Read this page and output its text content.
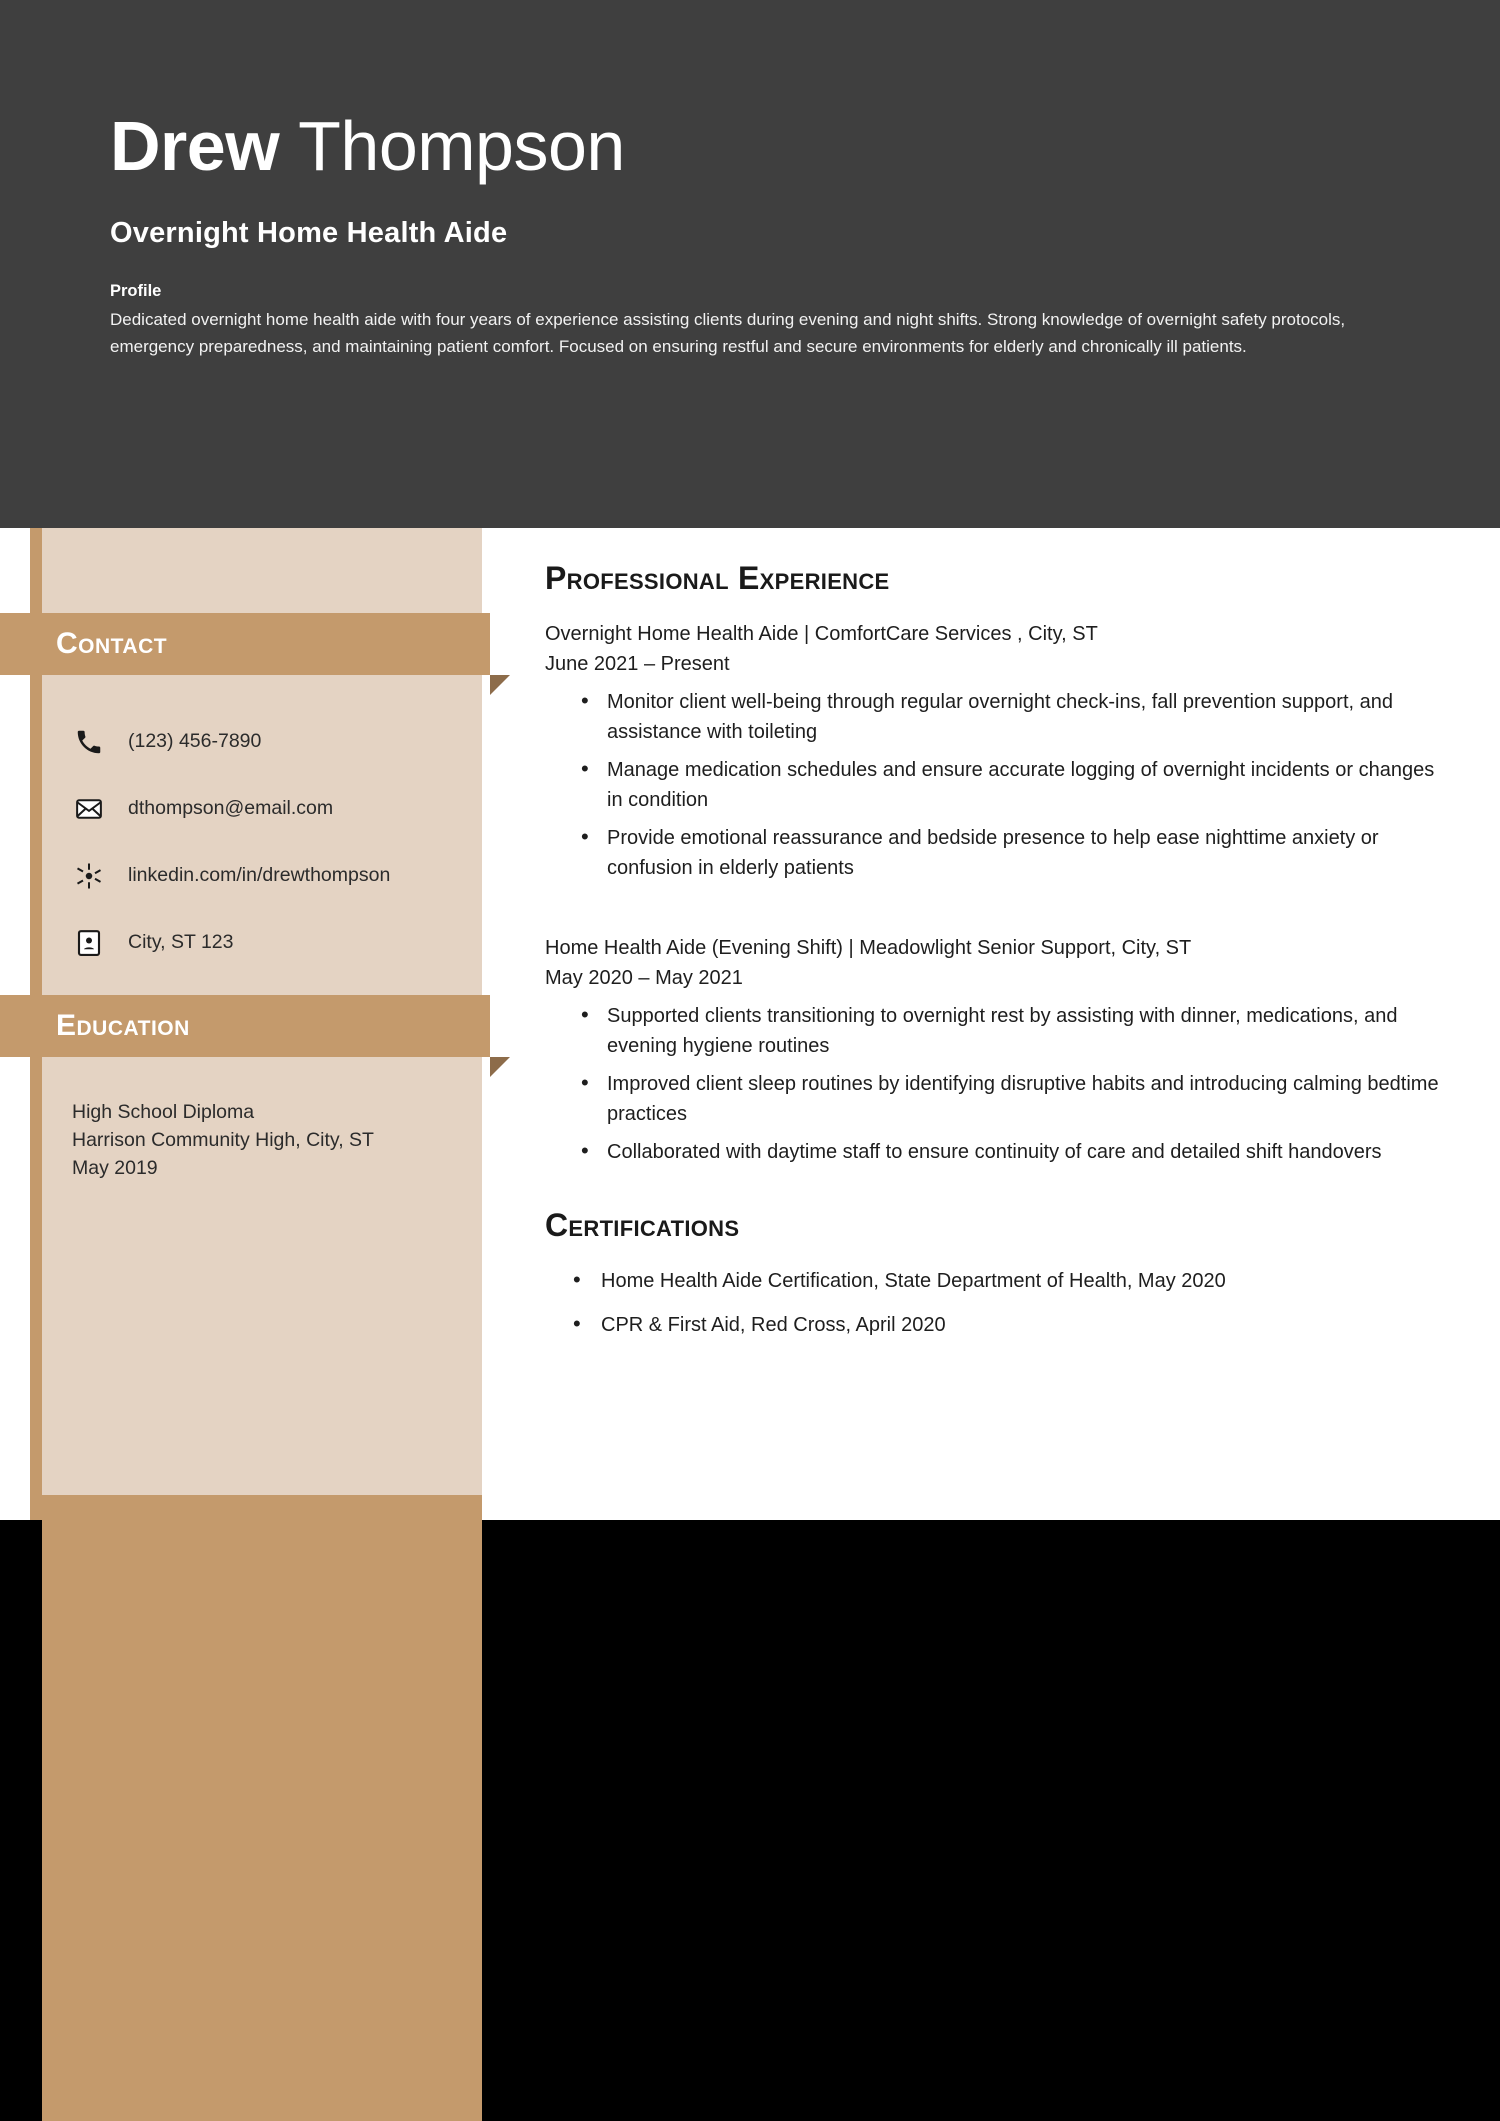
Drew Thompson
Overnight Home Health Aide
Profile
Dedicated overnight home health aide with four years of experience assisting clients during evening and night shifts. Strong knowledge of overnight safety protocols, emergency preparedness, and maintaining patient comfort. Focused on ensuring restful and secure environments for elderly and chronically ill patients.
Contact
(123) 456-7890
dthompson@email.com
linkedin.com/in/drewthompson
City, ST 123
Education
High School Diploma
Harrison Community High, City, ST
May 2019
Professional Experience
Overnight Home Health Aide | ComfortCare Services , City, ST
June 2021 – Present
• Monitor client well-being through regular overnight check-ins, fall prevention support, and assistance with toileting
• Manage medication schedules and ensure accurate logging of overnight incidents or changes in condition
• Provide emotional reassurance and bedside presence to help ease nighttime anxiety or confusion in elderly patients
Home Health Aide (Evening Shift) | Meadowlight Senior Support, City, ST
May 2020 – May 2021
• Supported clients transitioning to overnight rest by assisting with dinner, medications, and evening hygiene routines
• Improved client sleep routines by identifying disruptive habits and introducing calming bedtime practices
• Collaborated with daytime staff to ensure continuity of care and detailed shift handovers
Certifications
• Home Health Aide Certification, State Department of Health, May 2020
• CPR & First Aid, Red Cross, April 2020
